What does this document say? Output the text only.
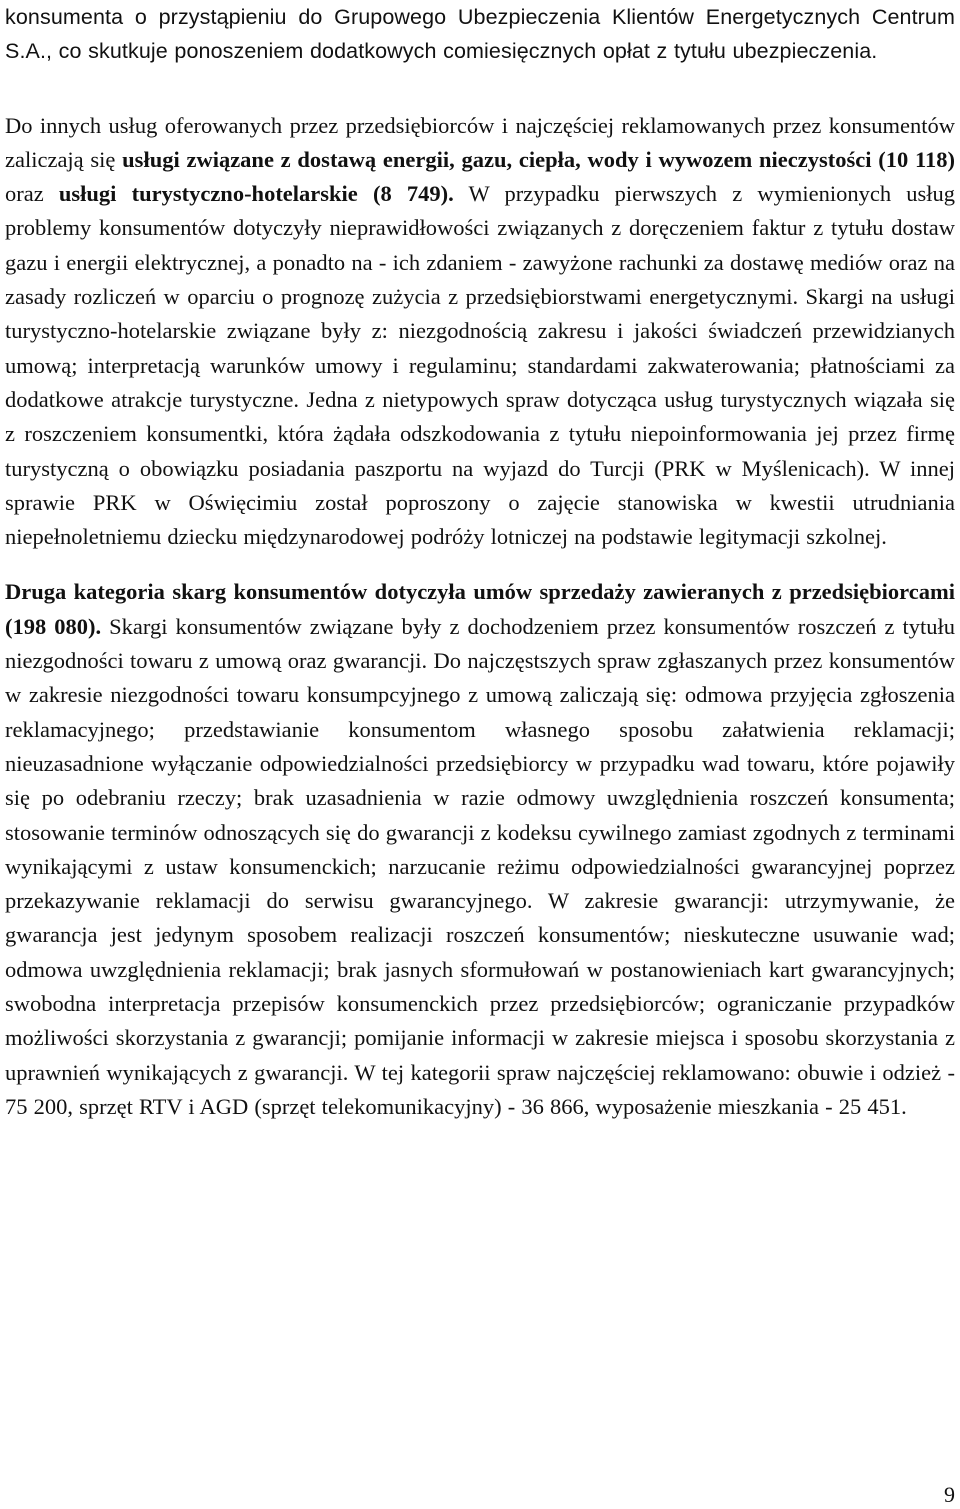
konsumenta o przystąpieniu do Grupowego Ubezpieczenia Klientów Energetycznych Centrum S.A., co skutkuje ponoszeniem dodatkowych comiesięcznych opłat z tytułu ubezpieczenia.

Do innych usług oferowanych przez przedsiębiorców i najczęściej reklamowanych przez konsumentów zaliczają się usługi związane z dostawą energii, gazu, ciepła, wody i wywozem nieczystości (10 118) oraz usługi turystyczno-hotelarskie (8 749). W przypadku pierwszych z wymienionych usług problemy konsumentów dotyczyły nieprawidłowości związanych z doręczeniem faktur z tytułu dostaw gazu i energii elektrycznej, a ponadto na - ich zdaniem - zawyżone rachunki za dostawę mediów oraz na zasady rozliczeń w oparciu o prognozę zużycia z przedsiębiorstwami energetycznymi. Skargi na usługi turystyczno-hotelarskie związane były z: niezgodnością zakresu i jakości świadczeń przewidzianych umową; interpretacją warunków umowy i regulaminu; standardami zakwaterowania; płatnościami za dodatkowe atrakcje turystyczne. Jedna z nietypowych spraw dotycząca usług turystycznych wiązała się z roszczeniem konsumentki, która żądała odszkodowania z tytułu niepoinformowania jej przez firmę turystyczną o obowiązku posiadania paszportu na wyjazd do Turcji (PRK w Myślenicach). W innej sprawie PRK w Oświęcimiu został poproszony o zajęcie stanowiska w kwestii utrudniania niepełnoletniemu dziecku międzynarodowej podróży lotniczej na podstawie legitymacji szkolnej.

Druga kategoria skarg konsumentów dotyczyła umów sprzedaży zawieranych z przedsiębiorcami (198 080). Skargi konsumentów związane były z dochodzeniem przez konsumentów roszczeń z tytułu niezgodności towaru z umową oraz gwarancji. Do najczęstszych spraw zgłaszanych przez konsumentów w zakresie niezgodności towaru konsumpcyjnego z umową zaliczają się: odmowa przyjęcia zgłoszenia reklamacyjnego; przedstawianie konsumentom własnego sposobu załatwienia reklamacji; nieuzasadnione wyłączanie odpowiedzialności przedsiębiorcy w przypadku wad towaru, które pojawiły się po odebraniu rzeczy; brak uzasadnienia w razie odmowy uwzględnienia roszczeń konsumenta; stosowanie terminów odnoszących się do gwarancji z kodeksu cywilnego zamiast zgodnych z terminami wynikającymi z ustaw konsumenckich; narzucanie reżimu odpowiedzialności gwarancyjnej poprzez przekazywanie reklamacji do serwisu gwarancyjnego. W zakresie gwarancji: utrzymywanie, że gwarancja jest jedynym sposobem realizacji roszczeń konsumentów; nieskuteczne usuwanie wad; odmowa uwzględnienia reklamacji; brak jasnych sformułowań w postanowieniach kart gwarancyjnych; swobodna interpretacja przepisów konsumenckich przez przedsiębiorców; ograniczanie przypadków możliwości skorzystania z gwarancji; pomijanie informacji w zakresie miejsca i sposobu skorzystania z uprawnień wynikających z gwarancji. W tej kategorii spraw najczęściej reklamowano: obuwie i odzież - 75 200, sprzęt RTV i AGD (sprzęt telekomunikacyjny) - 36 866, wyposażenie mieszkania - 25 451.

9
